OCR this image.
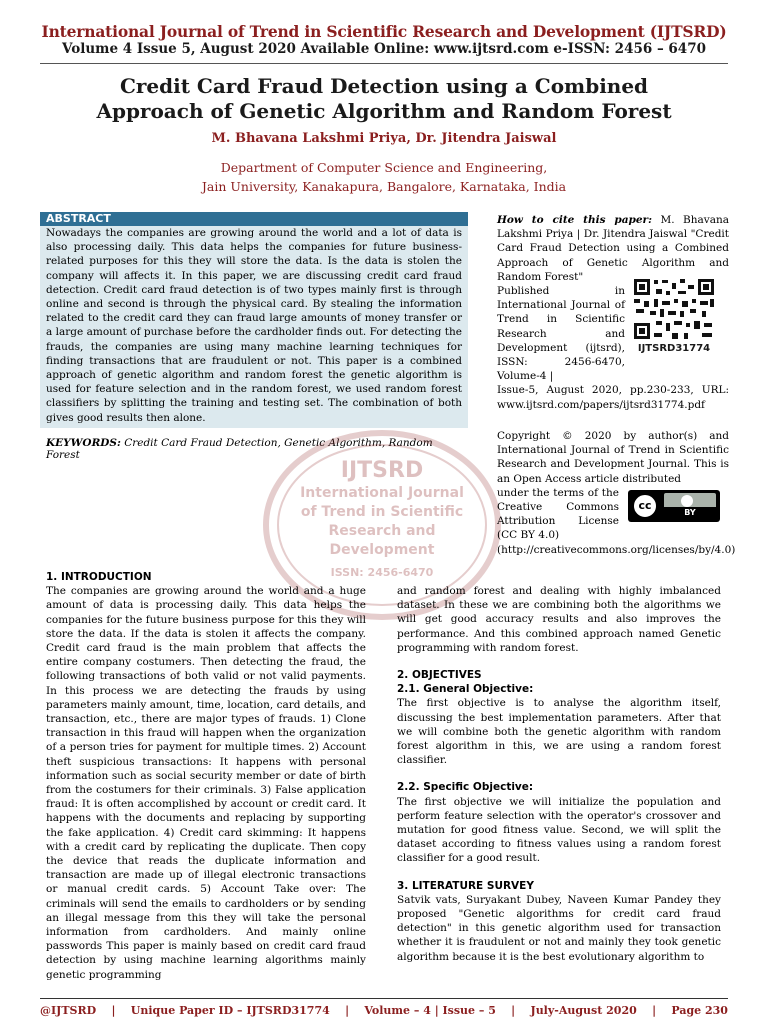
International Journal of Trend in Scientific Research and Development (IJTSRD)
Volume 4 Issue 5, August 2020 Available Online: www.ijtsrd.com e-ISSN: 2456 – 6470
Credit Card Fraud Detection using a Combined
Approach of Genetic Algorithm and Random Forest
M. Bhavana Lakshmi Priya, Dr. Jitendra Jaiswal
Department of Computer Science and Engineering,
Jain University, Kanakapura, Bangalore, Karnataka, India
ABSTRACT
Nowadays the companies are growing around the world and a lot of data is also processing daily. This data helps the companies for future business-related purposes for this they will store the data. Is the data is stolen the company will affects it. In this paper, we are discussing credit card fraud detection. Credit card fraud detection is of two types mainly first is through online and second is through the physical card. By stealing the information related to the credit card they can fraud large amounts of money transfer or a large amount of purchase before the cardholder finds out. For detecting the frauds, the companies are using many machine learning techniques for finding transactions that are fraudulent or not. This paper is a combined approach of genetic algorithm and random forest the genetic algorithm is used for feature selection and in the random forest, we used random forest classifiers by splitting the training and testing set. The combination of both gives good results then alone.
KEYWORDS: Credit Card Fraud Detection, Genetic Algorithm, Random Forest
IJTSRD
International Journal
of Trend in Scientific
Research and
Development
ISSN: 2456-6470
How to cite this paper: M. Bhavana Lakshmi Priya | Dr. Jitendra Jaiswal "Credit Card Fraud Detection using a Combined Approach of Genetic Algorithm and Random Forest"
Published in International Journal of Trend in Scientific Research and Development (ijtsrd), ISSN: 2456-6470, Volume-4 |
Issue-5, August 2020, pp.230-233, URL: www.ijtsrd.com/papers/ijtsrd31774.pdf
IJTSRD31774
Copyright © 2020 by author(s) and International Journal of Trend in Scientific Research and Development Journal. This is an Open Access article distributed
under the terms of the Creative Commons Attribution License (CC BY 4.0)
(http://creativecommons.org/licenses/by/4.0)
cc
BY
1. INTRODUCTION
The companies are growing around the world and a huge amount of data is processing daily. This data helps the companies for the future business purpose for this they will store the data. If the data is stolen it affects the company. Credit card fraud is the main problem that affects the entire company costumers. Then detecting the fraud, the following transactions of both valid or not valid payments. In this process we are detecting the frauds by using parameters mainly amount, time, location, card details, and transaction, etc., there are major types of frauds. 1) Clone transaction in this fraud will happen when the organization of a person tries for payment for multiple times. 2) Account theft suspicious transactions: It happens with personal information such as social security member or date of birth from the costumers for their criminals. 3) False application fraud: It is often accomplished by account or credit card. It happens with the documents and replacing by supporting the fake application. 4) Credit card skimming: It happens with a credit card by replicating the duplicate. Then copy the device that reads the duplicate information and transaction are made up of illegal electronic transactions or manual credit cards. 5) Account Take over: The criminals will send the emails to cardholders or by sending an illegal message from this they will take the personal information from cardholders. And mainly online passwords This paper is mainly based on credit card fraud detection by using machine learning algorithms mainly genetic programming
and random forest and dealing with highly imbalanced dataset. In these we are combining both the algorithms we will get good accuracy results and also improves the performance. And this combined approach named Genetic programming with random forest.
2. OBJECTIVES
2.1. General Objective:
The first objective is to analyse the algorithm itself, discussing the best implementation parameters. After that we will combine both the genetic algorithm with random forest algorithm in this, we are using a random forest classifier.
2.2. Specific Objective:
The first objective we will initialize the population and perform feature selection with the operator's crossover and mutation for good fitness value. Second, we will split the dataset according to fitness values using a random forest classifier for a good result.
3. LITERATURE SURVEY
Satvik vats, Suryakant Dubey, Naveen Kumar Pandey they proposed "Genetic algorithms for credit card fraud detection" in this genetic algorithm used for transaction whether it is fraudulent or not and mainly they took genetic algorithm because it is the best evolutionary algorithm to
@IJTSRD | Unique Paper ID – IJTSRD31774 | Volume – 4 | Issue – 5 | July-August 2020 | Page 230
